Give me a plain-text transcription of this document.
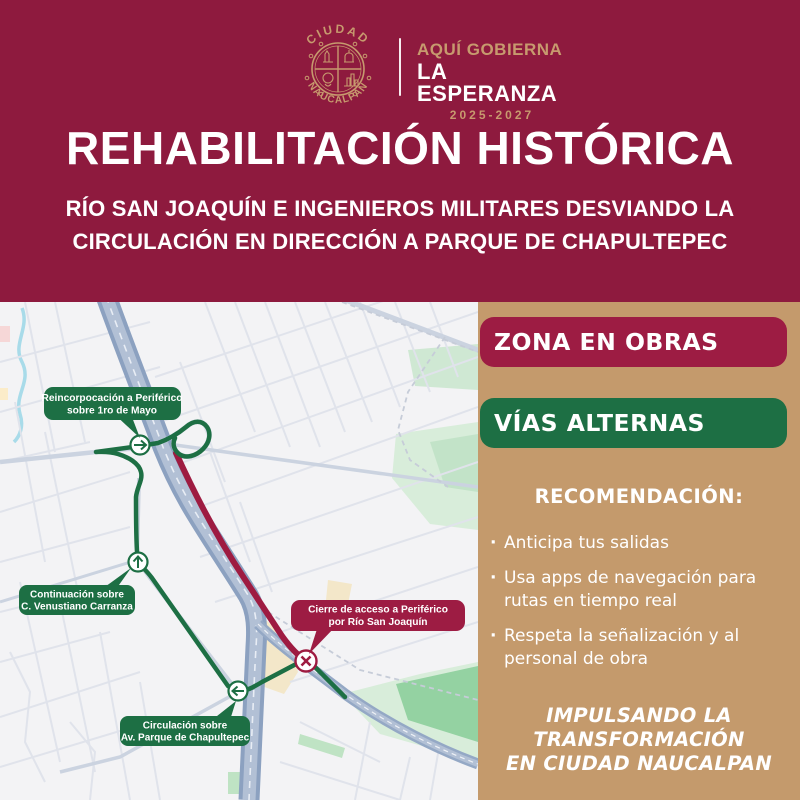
CIUDAD
NAUCALPAN
AQUÍ GOBIERNA
LA ESPERANZA
2025-2027
REHABILITACIÓN HISTÓRICA
RÍO SAN JOAQUÍN E INGENIEROS MILITARES DESVIANDO LA
CIRCULACIÓN EN DIRECCIÓN A PARQUE DE CHAPULTEPEC
Reincorpocación a Periférico
sobre 1ro de Mayo
Continuación sobre
C. Venustiano Carranza	Cierre de acceso a Periférico
por Río San Joaquín
Circulación sobre
Av. Parque de Chapultepec
ZONA EN OBRAS
VÍAS ALTERNAS
RECOMENDACIÓN:
· Anticipa tus salidas
· Usa apps de navegación para rutas en tiempo real
· Respeta la señalización y al personal de obra
IMPULSANDO LA
TRANSFORMACIÓN
EN CIUDAD NAUCALPAN
